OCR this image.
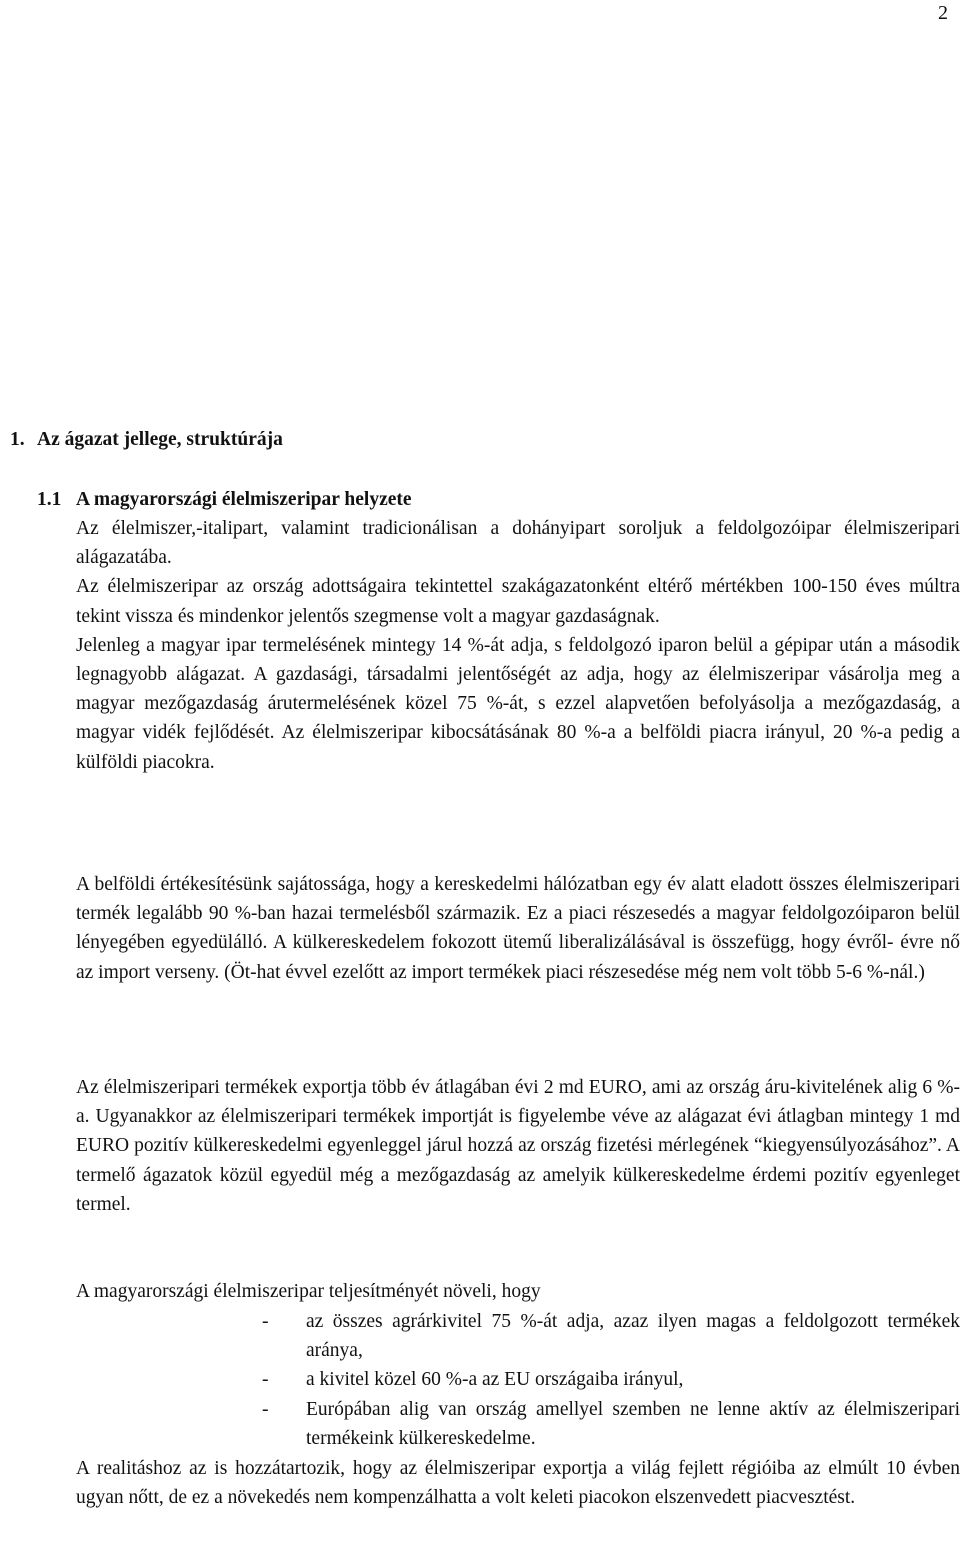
2
1. Az ágazat jellege, struktúrája
1.1 A magyarországi élelmiszeripar helyzete
Az élelmiszer,-italipart, valamint tradicionálisan a dohányipart soroljuk a feldolgozóipar élelmiszeripari alágazatába.
Az élelmiszeripar az ország adottságaira tekintettel szakágazatonként eltérő mértékben 100-150 éves múltra tekint vissza és mindenkor jelentős szegmense volt a magyar gazdaságnak.
Jelenleg a magyar ipar termelésének mintegy 14 %-át adja, s feldolgozó iparon belül a gépipar után a második legnagyobb alágazat. A gazdasági, társadalmi jelentőségét az adja, hogy az élelmiszeripar vásárolja meg a magyar mezőgazdaság árutermelésének közel 75 %-át, s ezzel alapvetően befolyásolja a mezőgazdaság, a magyar vidék fejlődését. Az élelmiszeripar kibocsátásának 80 %-a a belföldi piacra irányul, 20 %-a pedig a külföldi piacokra.
A belföldi értékesítésünk sajátossága, hogy a kereskedelmi hálózatban egy év alatt eladott összes élelmiszeripari termék legalább 90 %-ban hazai termelésből származik. Ez a piaci részesedés a magyar feldolgozóiparon belül lényegében egyedülálló. A külkereskedelem fokozott ütemű liberalizálásával is összefügg, hogy évről- évre nő az import verseny. (Öt-hat évvel ezelőtt az import termékek piaci részesedése még nem volt több 5-6 %-nál.)
Az élelmiszeripari termékek exportja több év átlagában évi 2 md EURO, ami az ország áru-kivitelének alig 6 %-a. Ugyanakkor az élelmiszeripari termékek importját is figyelembe véve az alágazat évi átlagban mintegy 1 md EURO pozitív külkereskedelmi egyenleggel járul hozzá az ország fizetési mérlegének “kiegyensúlyozásához”. A termelő ágazatok közül egyedül még a mezőgazdaság az amelyik külkereskedelme érdemi pozitív egyenleget termel.
A magyarországi élelmiszeripar teljesítményét növeli, hogy
- az összes agrárkivitel 75 %-át adja, azaz ilyen magas a feldolgozott termékek aránya,
- a kivitel közel 60 %-a az EU országaiba irányul,
- Európában alig van ország amellyel szemben ne lenne aktív az élelmiszeripari termékeink külkereskedelme.
A realitáshoz az is hozzátartozik, hogy az élelmiszeripar exportja a világ fejlett régióiba az elmúlt 10 évben ugyan nőtt, de ez a növekedés nem kompenzálhatta a volt keleti piacokon elszenvedett piacvesztést.
